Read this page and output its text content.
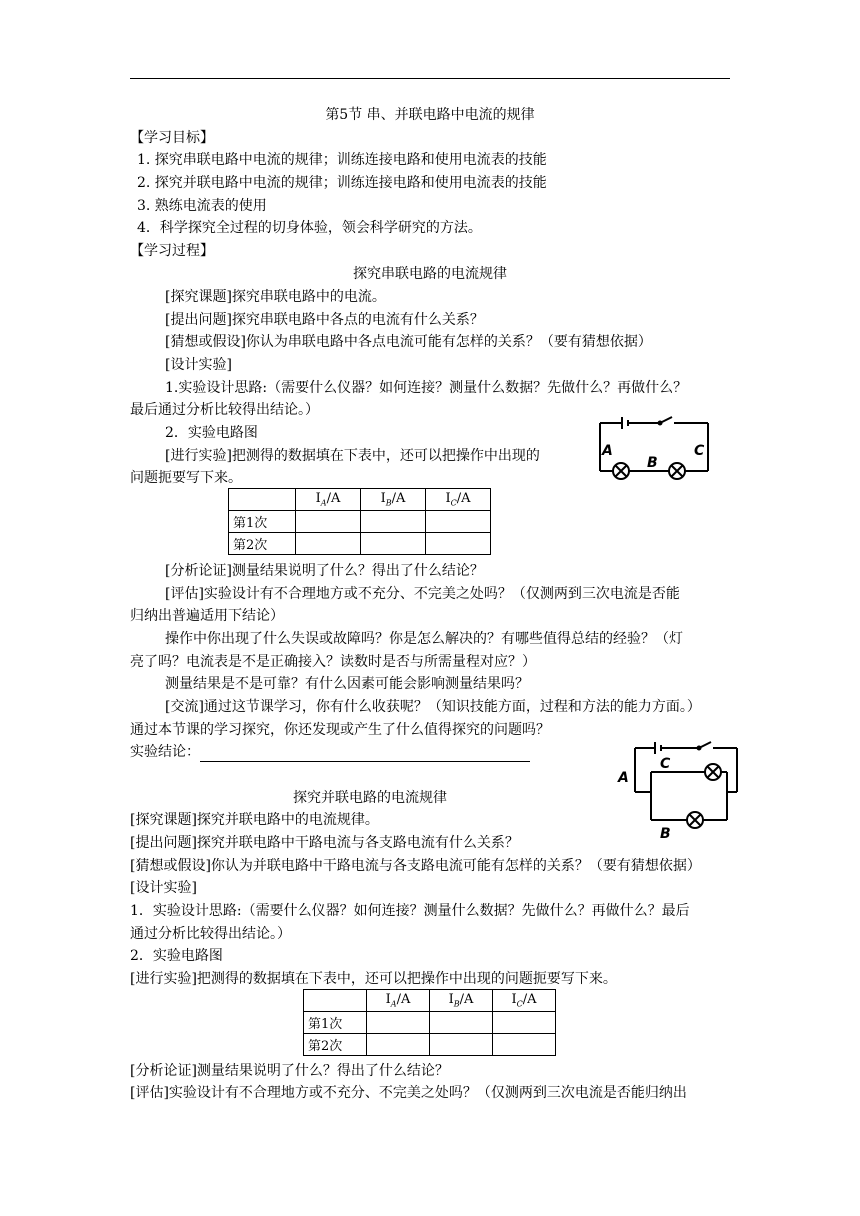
第5节 串、并联电路中电流的规律
【学习目标】
1. 探究串联电路中电流的规律；训练连接电路和使用电流表的技能
2. 探究并联电路中电流的规律；训练连接电路和使用电流表的技能
3. 熟练电流表的使用
4．科学探究全过程的切身体验，领会科学研究的方法。
【学习过程】
探究串联电路的电流规律
[探究课题]探究串联电路中的电流。
[提出问题]探究串联电路中各点的电流有什么关系？
[猜想或假设]你认为串联电路中各点电流可能有怎样的关系？（要有猜想依据）
[设计实验]
1.实验设计思路:（需要什么仪器？如何连接？测量什么数据？先做什么？再做什么？
最后通过分析比较得出结论。）
2．实验电路图
[进行实验]把测得的数据填在下表中，还可以把操作中出现的
问题扼要写下来。
A
B
C
	$I_A/A$	$I_B/A$	$I_C/A$
第1次			
第2次			
[分析论证]测量结果说明了什么？得出了什么结论？
[评估]实验设计有不合理地方或不充分、不完美之处吗？（仅测两到三次电流是否能
归纳出普遍适用下结论）
操作中你出现了什么失误或故障吗？你是怎么解决的？有哪些值得总结的经验？（灯
亮了吗？电流表是不是正确接入？读数时是否与所需量程对应？）
测量结果是不是可靠？有什么因素可能会影响测量结果吗？
[交流]通过这节课学习，你有什么收获呢？（知识技能方面，过程和方法的能力方面。）
通过本节课的学习探究，你还发现或产生了什么值得探究的问题吗？
实验结论：
A
C
B
探究并联电路的电流规律
[探究课题]探究并联电路中的电流规律。
[提出问题]探究并联电路中干路电流与各支路电流有什么关系？
[猜想或假设]你认为并联电路中干路电流与各支路电流可能有怎样的关系？（要有猜想依据）
[设计实验]
1．实验设计思路:（需要什么仪器？如何连接？测量什么数据？先做什么？再做什么？最后
通过分析比较得出结论。）
2．实验电路图
[进行实验]把测得的数据填在下表中，还可以把操作中出现的问题扼要写下来。
	$I_A/A$	$I_B/A$	$I_C/A$
第1次			
第2次			
[分析论证]测量结果说明了什么？得出了什么结论？
[评估]实验设计有不合理地方或不充分、不完美之处吗？（仅测两到三次电流是否能归纳出
